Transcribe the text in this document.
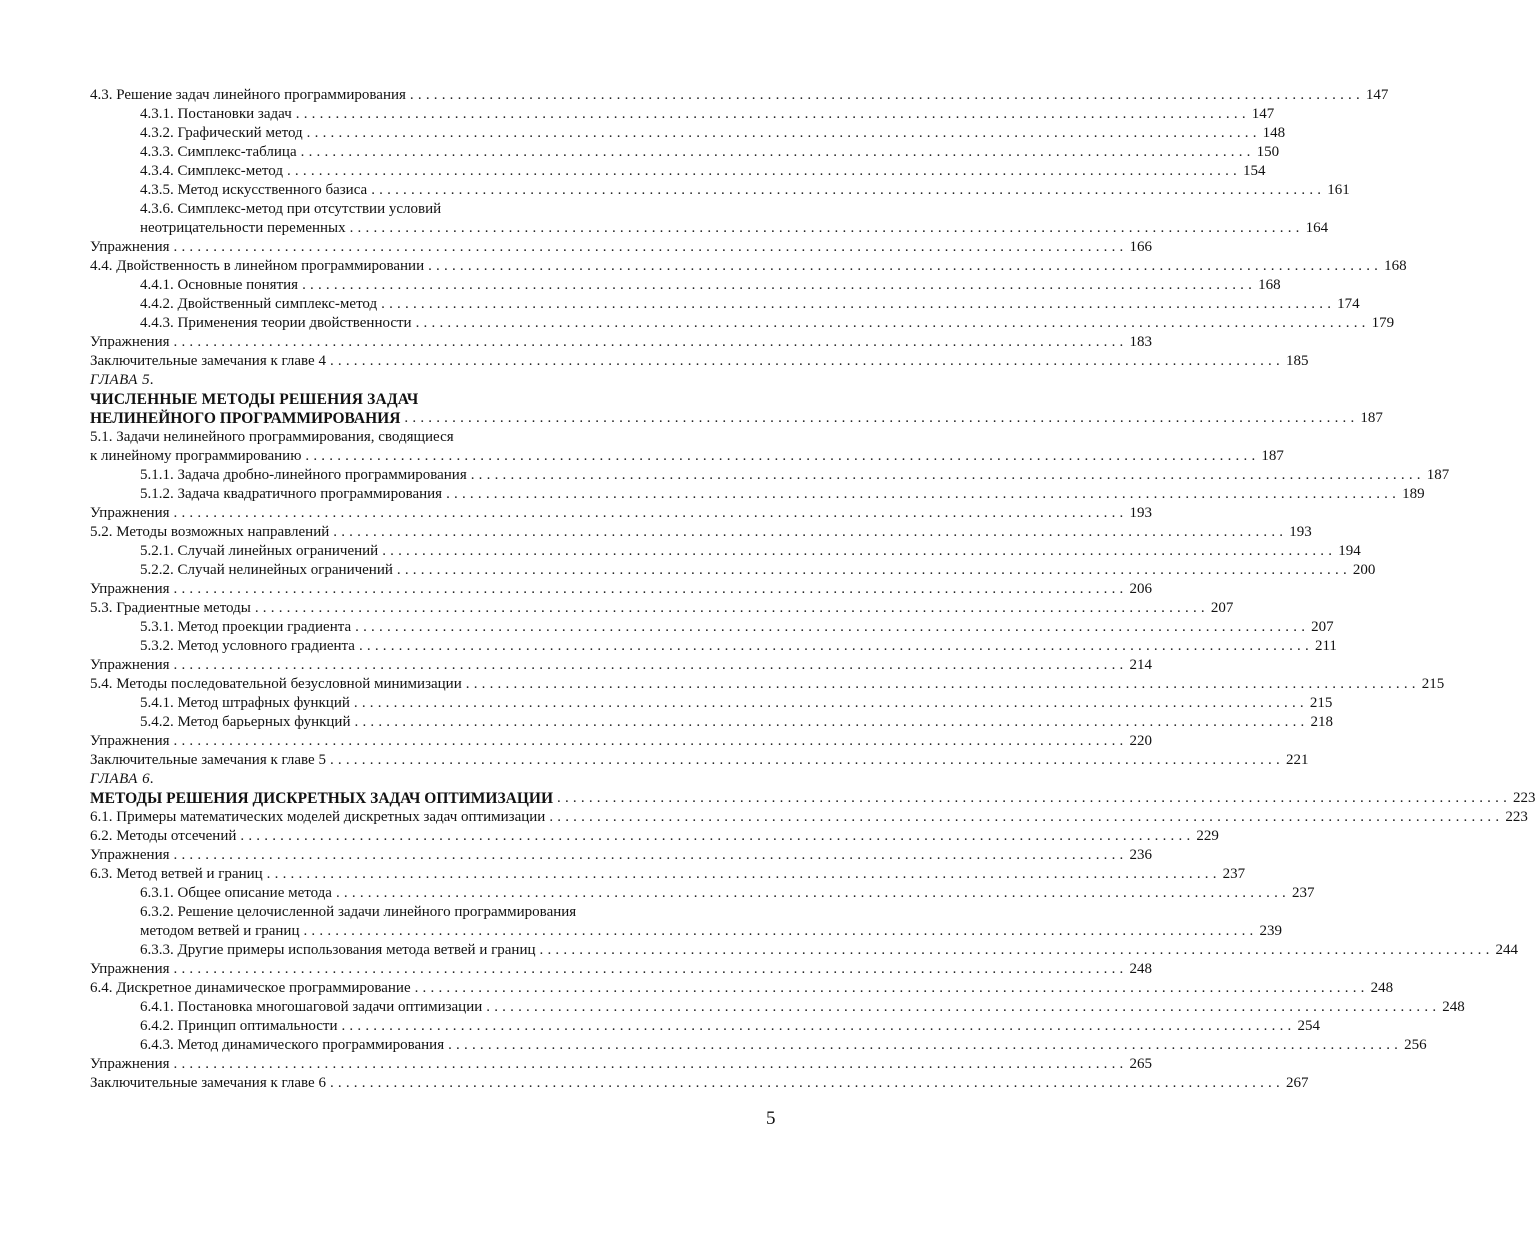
4.3. Решение задач линейного программирования ........................................................................................................................ 147
4.3.1. Постановки задач ........................................................................................................................ 147
4.3.2. Графический метод ........................................................................................................................ 148
4.3.3. Симплекс-таблица ........................................................................................................................ 150
4.3.4. Симплекс-метод ........................................................................................................................ 154
4.3.5. Метод искусственного базиса ........................................................................................................................ 161
4.3.6. Симплекс-метод при отсутствии условий
неотрицательности переменных ........................................................................................................................ 164
Упражнения ........................................................................................................................ 166
4.4. Двойственность в линейном программировании ........................................................................................................................ 168
4.4.1. Основные понятия ........................................................................................................................ 168
4.4.2. Двойственный симплекс-метод ........................................................................................................................ 174
4.4.3. Применения теории двойственности ........................................................................................................................ 179
Упражнения ........................................................................................................................ 183
Заключительные замечания к главе 4 ........................................................................................................................ 185
ГЛАВА 5.
ЧИСЛЕННЫЕ МЕТОДЫ РЕШЕНИЯ ЗАДАЧ
НЕЛИНЕЙНОГО ПРОГРАММИРОВАНИЯ ........................................................................................................................ 187
5.1. Задачи нелинейного программирования, сводящиеся
к линейному программированию ........................................................................................................................ 187
5.1.1. Задача дробно-линейного программирования ........................................................................................................................ 187
5.1.2. Задача квадратичного программирования ........................................................................................................................ 189
Упражнения ........................................................................................................................ 193
5.2. Методы возможных направлений ........................................................................................................................ 193
5.2.1. Случай линейных ограничений ........................................................................................................................ 194
5.2.2. Случай нелинейных ограничений ........................................................................................................................ 200
Упражнения ........................................................................................................................ 206
5.3. Градиентные методы ........................................................................................................................ 207
5.3.1. Метод проекции градиента ........................................................................................................................ 207
5.3.2. Метод условного градиента ........................................................................................................................ 211
Упражнения ........................................................................................................................ 214
5.4. Методы последовательной безусловной минимизации ........................................................................................................................ 215
5.4.1. Метод штрафных функций ........................................................................................................................ 215
5.4.2. Метод барьерных функций ........................................................................................................................ 218
Упражнения ........................................................................................................................ 220
Заключительные замечания к главе 5 ........................................................................................................................ 221
ГЛАВА 6.
МЕТОДЫ РЕШЕНИЯ ДИСКРЕТНЫХ ЗАДАЧ ОПТИМИЗАЦИИ ........................................................................................................................ 223
6.1. Примеры математических моделей дискретных задач оптимизации ........................................................................................................................ 223
6.2. Методы отсечений ........................................................................................................................ 229
Упражнения ........................................................................................................................ 236
6.3. Метод ветвей и границ ........................................................................................................................ 237
6.3.1. Общее описание метода ........................................................................................................................ 237
6.3.2. Решение целочисленной задачи линейного программирования
методом ветвей и границ ........................................................................................................................ 239
6.3.3. Другие примеры использования метода ветвей и границ ........................................................................................................................ 244
Упражнения ........................................................................................................................ 248
6.4. Дискретное динамическое программирование ........................................................................................................................ 248
6.4.1. Постановка многошаговой задачи оптимизации ........................................................................................................................ 248
6.4.2. Принцип оптимальности ........................................................................................................................ 254
6.4.3. Метод динамического программирования ........................................................................................................................ 256
Упражнения ........................................................................................................................ 265
Заключительные замечания к главе 6 ........................................................................................................................ 267
5
